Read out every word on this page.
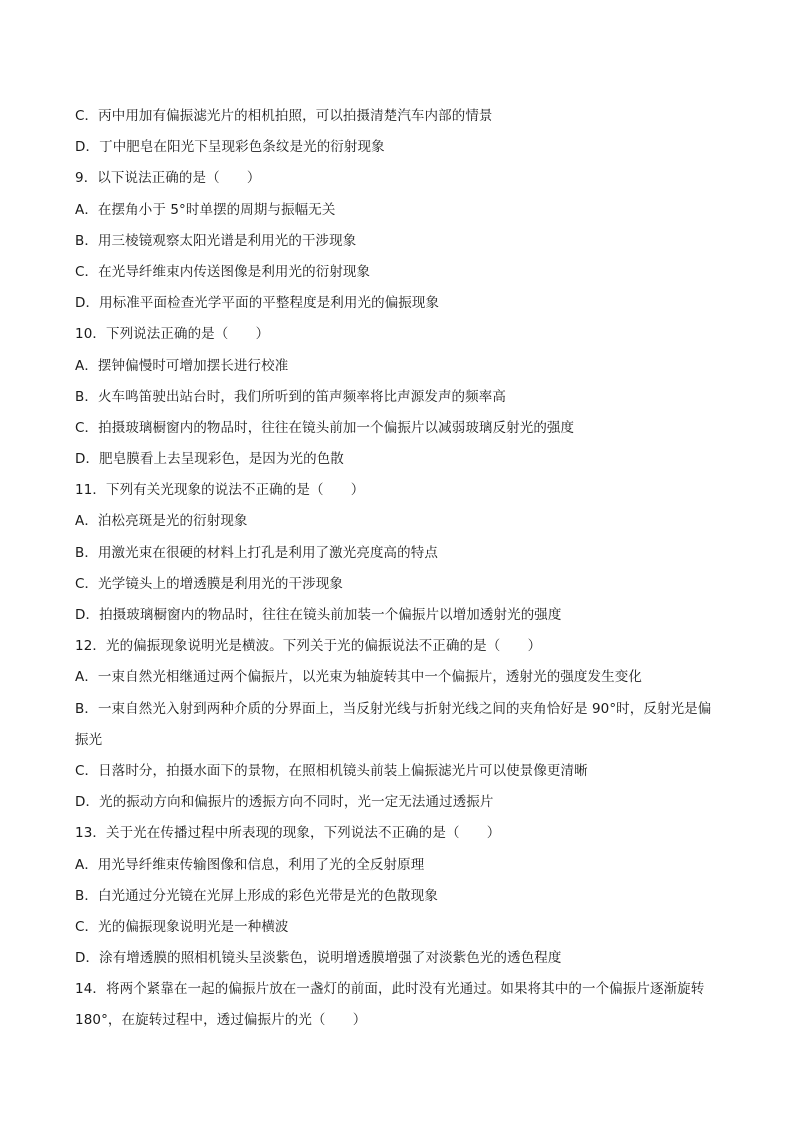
C．丙中用加有偏振滤光片的相机拍照，可以拍摄清楚汽车内部的情景
D．丁中肥皂在阳光下呈现彩色条纹是光的衍射现象
9．以下说法正确的是（　　）
A．在摆角小于 5°时单摆的周期与振幅无关
B．用三棱镜观察太阳光谱是利用光的干涉现象
C．在光导纤维束内传送图像是利用光的衍射现象
D．用标准平面检查光学平面的平整程度是利用光的偏振现象
10．下列说法正确的是（　　）
A．摆钟偏慢时可增加摆长进行校准
B．火车鸣笛驶出站台时，我们所听到的笛声频率将比声源发声的频率高
C．拍摄玻璃橱窗内的物品时，往往在镜头前加一个偏振片以减弱玻璃反射光的强度
D．肥皂膜看上去呈现彩色，是因为光的色散
11．下列有关光现象的说法不正确的是（　　）
A．泊松亮斑是光的衍射现象
B．用激光束在很硬的材料上打孔是利用了激光亮度高的特点
C．光学镜头上的增透膜是利用光的干涉现象
D．拍摄玻璃橱窗内的物品时，往往在镜头前加装一个偏振片以增加透射光的强度
12．光的偏振现象说明光是横波。下列关于光的偏振说法不正确的是（　　）
A．一束自然光相继通过两个偏振片，以光束为轴旋转其中一个偏振片，透射光的强度发生变化
B．一束自然光入射到两种介质的分界面上，当反射光线与折射光线之间的夹角恰好是 90°时，反射光是偏
振光
C．日落时分，拍摄水面下的景物，在照相机镜头前装上偏振滤光片可以使景像更清晰
D．光的振动方向和偏振片的透振方向不同时，光一定无法通过透振片
13．关于光在传播过程中所表现的现象，下列说法不正确的是（　　）
A．用光导纤维束传输图像和信息，利用了光的全反射原理
B．白光通过分光镜在光屏上形成的彩色光带是光的色散现象
C．光的偏振现象说明光是一种横波
D．涂有增透膜的照相机镜头呈淡紫色，说明增透膜增强了对淡紫色光的透色程度
14．将两个紧靠在一起的偏振片放在一盏灯的前面，此时没有光通过。如果将其中的一个偏振片逐渐旋转
180°，在旋转过程中，透过偏振片的光（　　）
